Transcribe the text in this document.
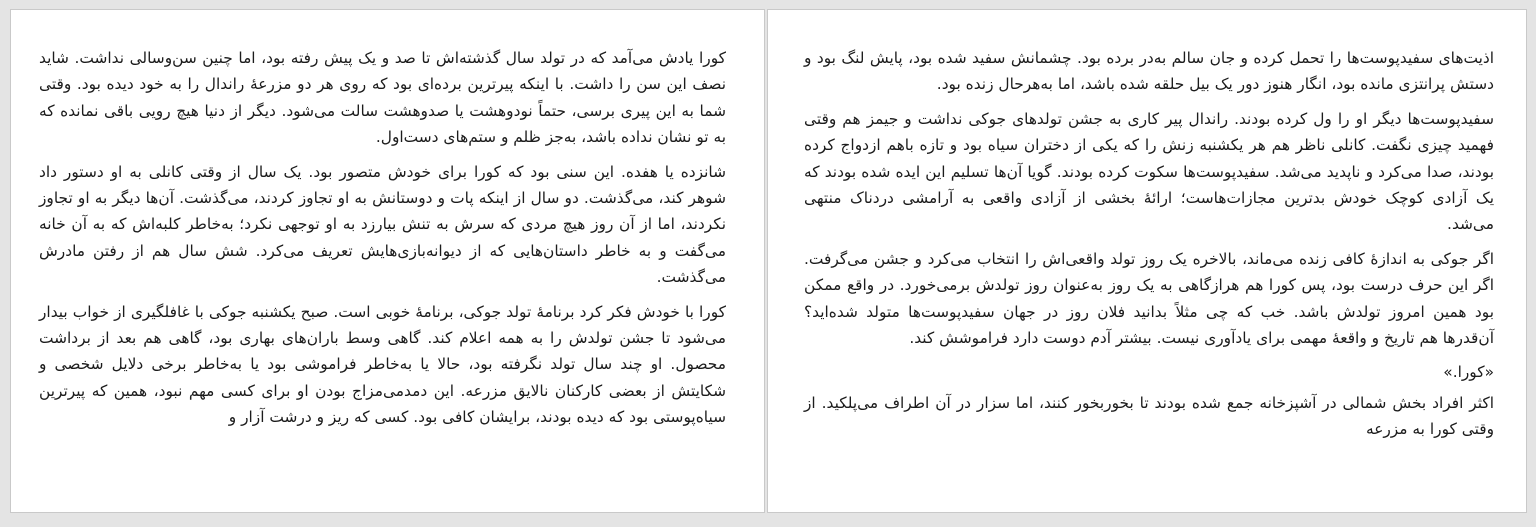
کورا یادش می‌آمد که در تولد سال گذشته‌اش تا صد و یک پیش رفته بود، اما چنین سن‌وسالی نداشت. شاید نصف این سن را داشت. با اینکه پیرترین برده‌ای بود که روی هر دو مزرعهٔ راندال را به خود دیده بود. وقتی شما به این پیری برسی، حتماً نودوهشت یا صدوهشت سالت می‌شود. دیگر از دنیا هیچ رویی باقی نمانده که به تو نشان نداده باشد، به‌جز ظلم و ستم‌های دست‌اول.

شانزده یا هفده. این سنی بود که کورا برای خودش متصور بود. یک سال از وقتی کانلی به او دستور داد شوهر کند، می‌گذشت. دو سال از اینکه پات و دوستانش به او تجاوز کردند، می‌گذشت. آن‌ها دیگر به او تجاوز نکردند، اما از آن روز هیچ مردی که سرش به تنش بیارزد به او توجهی نکرد؛ به‌خاطر کلبه‌اش که به آن خانه می‌گفت و به خاطر داستان‌هایی که از دیوانه‌بازی‌هایش تعریف می‌کرد. شش سال هم از رفتن مادرش می‌گذشت.

کورا با خودش فکر کرد برنامهٔ تولد جوکی، برنامهٔ خوبی است. صبح یکشنبه جوکی با غافلگیری از خواب بیدار می‌شود تا جشن تولدش را به همه اعلام کند. گاهی وسط باران‌های بهاری بود، گاهی هم بعد از برداشت محصول. او چند سال تولد نگرفته بود، حالا یا به‌خاطر فراموشی بود یا به‌خاطر برخی دلایل شخصی و شکایتش از بعضی کارکنان نالایق مزرعه. این دمدمی‌مزاج بودن او برای کسی مهم نبود، همین که پیرترین سیاه‌پوستی بود که دیده بودند، برایشان کافی بود. کسی که ریز و درشت آزار و

اذیت‌های سفیدپوست‌ها را تحمل کرده و جان سالم به‌در برده بود. چشمانش سفید شده بود، پایش لنگ بود و دستش پرانتزی مانده بود، انگار هنوز دور یک بیل حلقه شده باشد، اما به‌هرحال زنده بود.

سفیدپوست‌ها دیگر او را ول کرده بودند. راندال پیر کاری به جشن تولدهای جوکی نداشت و جیمز هم وقتی فهمید چیزی نگفت. کانلی ناظر هم هر یکشنبه زنش را که یکی از دختران سیاه بود و تازه باهم ازدواج کرده بودند، صدا می‌کرد و ناپدید می‌شد. سفیدپوست‌ها سکوت کرده بودند. گویا آن‌ها تسلیم این ایده شده بودند که یک آزادی کوچک خودش بدترین مجازات‌هاست؛ ارائهٔ بخشی از آزادی واقعی به آرامشی دردناک منتهی می‌شد.

اگر جوکی به اندازهٔ کافی زنده می‌ماند، بالاخره یک روز تولد واقعی‌اش را انتخاب می‌کرد و جشن می‌گرفت. اگر این حرف درست بود، پس کورا هم هرازگاهی به یک روز به‌عنوان روز تولدش برمی‌خورد. در واقع ممکن بود همین امروز تولدش باشد. خب که چی مثلاً بدانید فلان روز در جهان سفیدپوست‌ها متولد شده‌اید؟ آن‌قدرها هم تاریخ و واقعهٔ مهمی برای یادآوری نیست. بیشتر آدم دوست دارد فراموشش کند.

«کورا.»

اکثر افراد بخش شمالی در آشپزخانه جمع شده بودند تا بخوربخور کنند، اما سزار در آن اطراف می‌پلکید. از وقتی کورا به مزرعه
